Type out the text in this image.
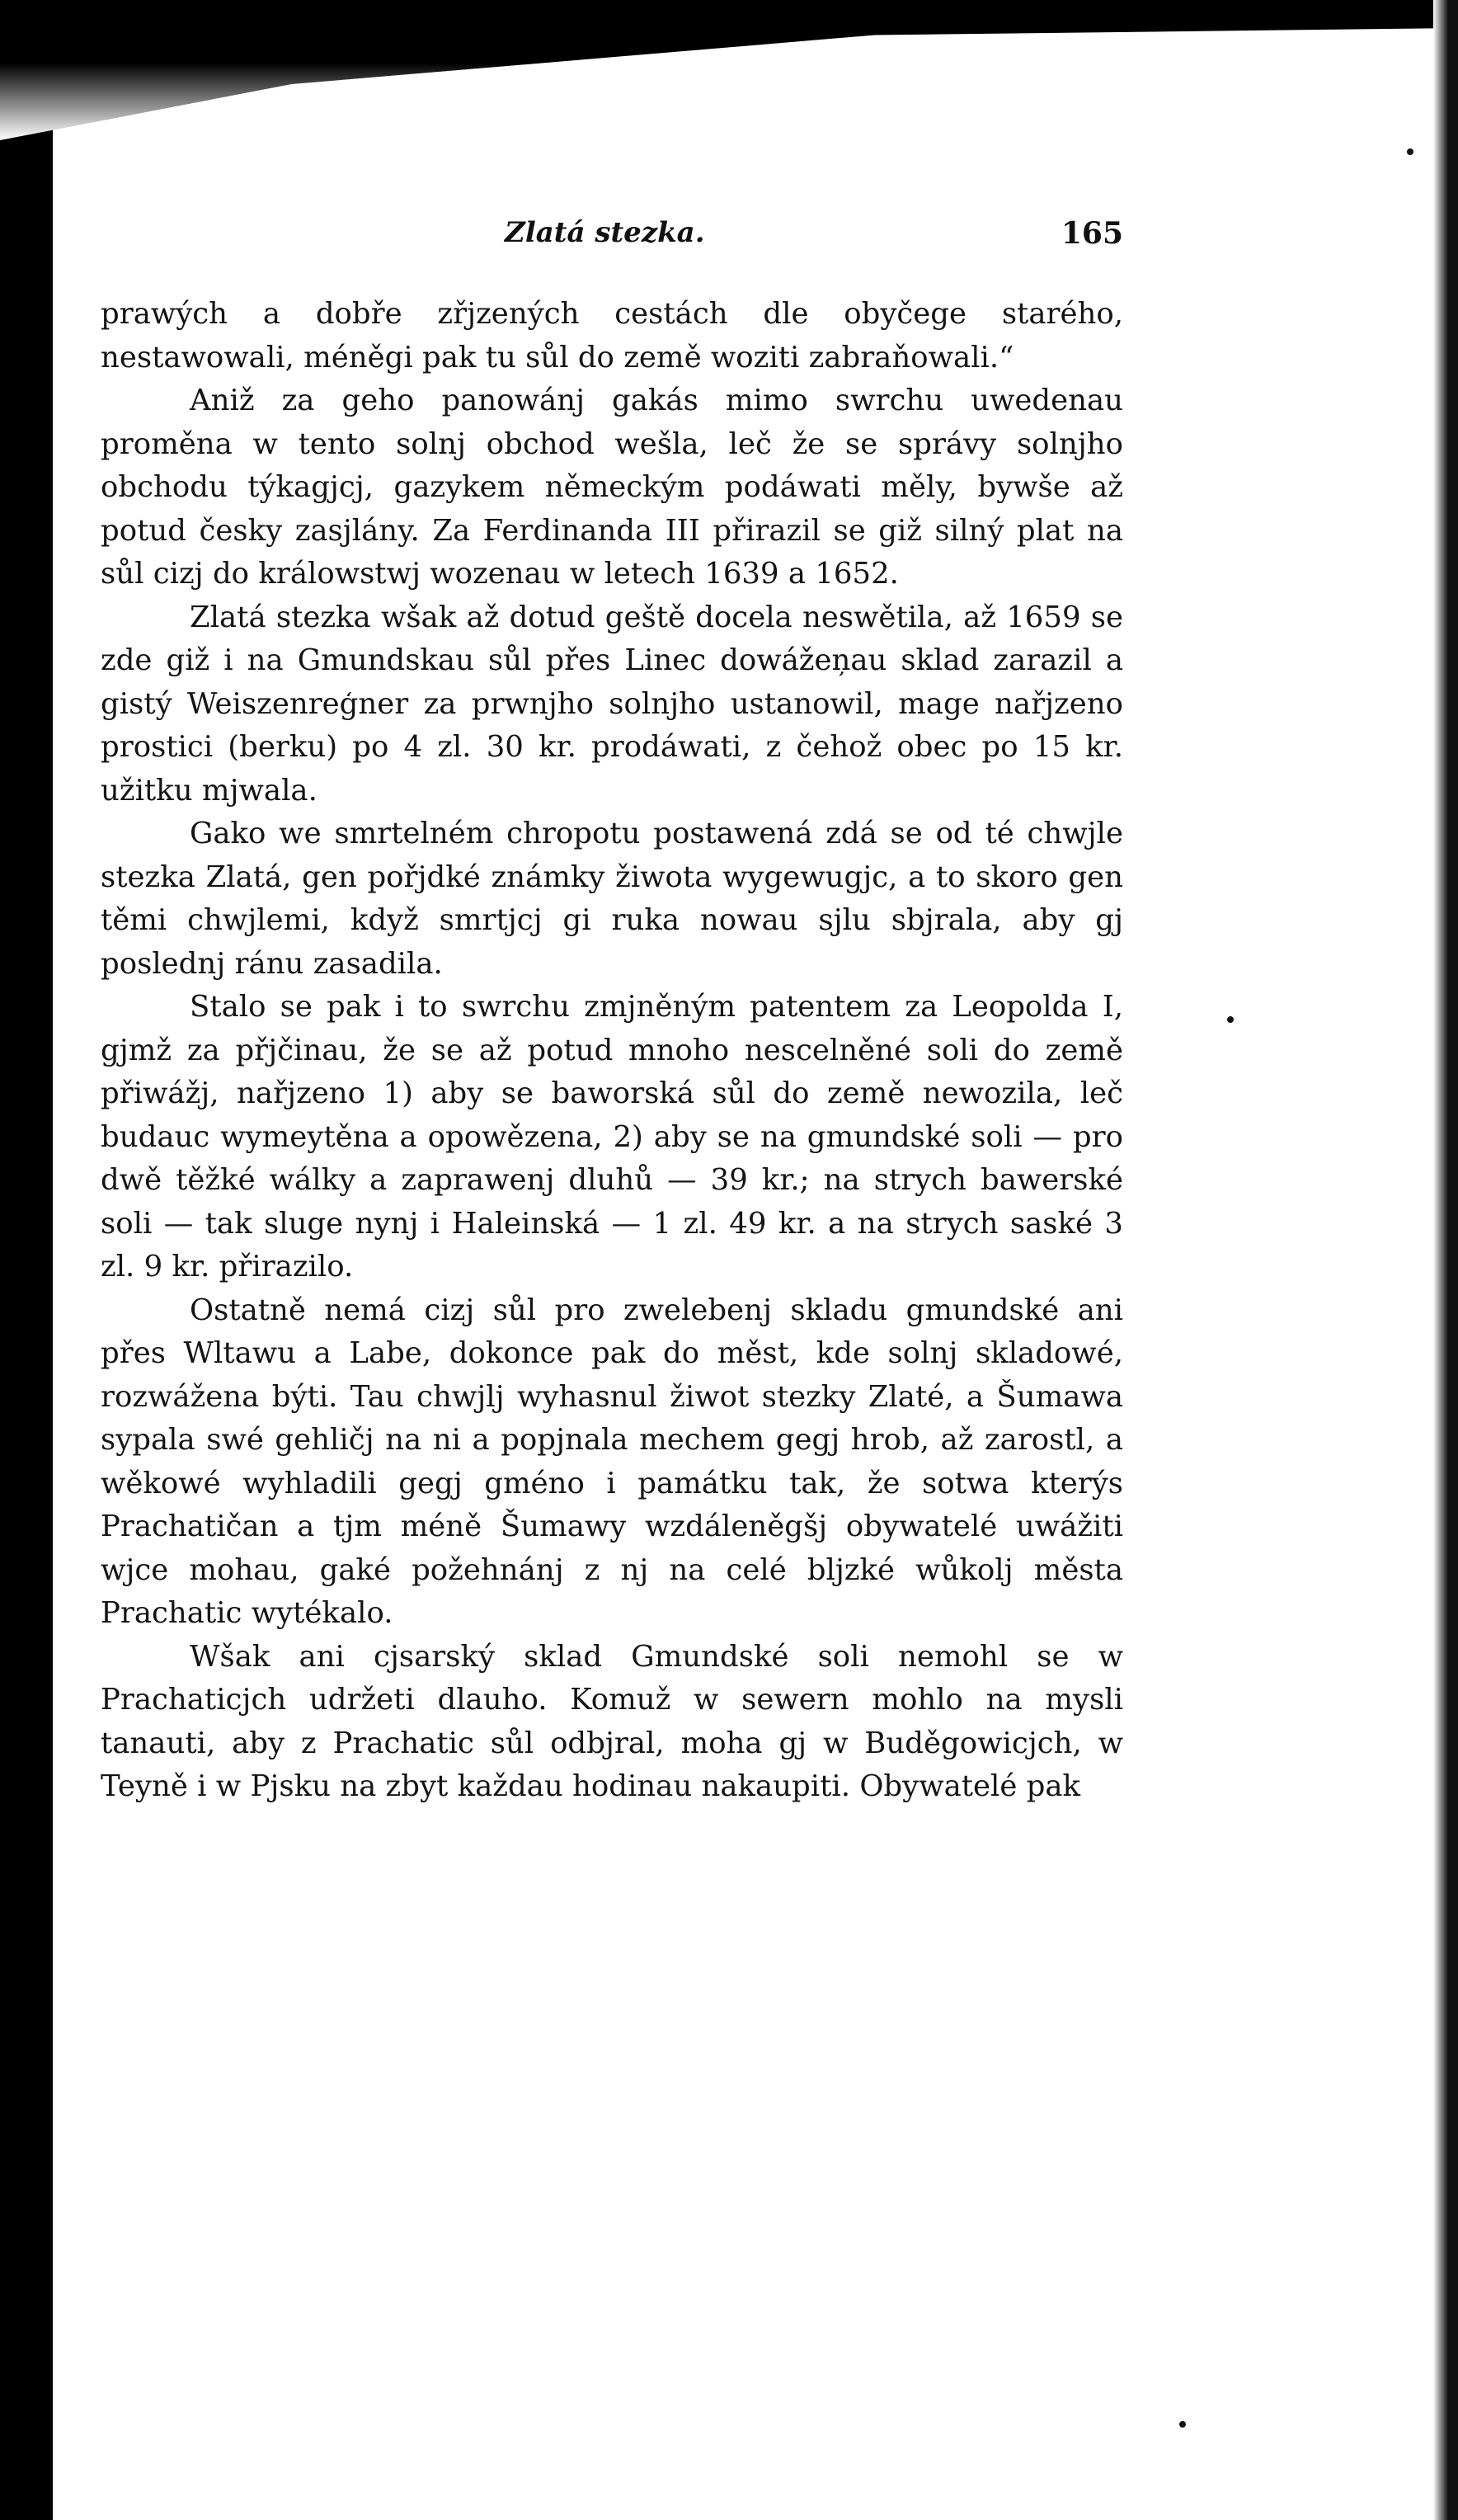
Zlatá stezka.	165

prawých a dobře zřjzených cestách dle obyčege starého, nestawowali, méněgi pak tu sůl do země woziti zabraňowali.“

Aniž za geho panowánj gakás mimo swrchu uwedenau proměna w tento solnj obchod wešla, leč že se správy solnjho obchodu týkagjcj, gazykem německým podáwati měly, bywše až potud česky zasjlány. Za Ferdinanda III přirazil se giž silný plat na sůl cizj do králowstwj wozenau w letech 1639 a 1652.

Zlatá stezka wšak až dotud geště docela neswětila, až 1659 se zde giž i na Gmundskau sůl přes Linec dowážeņau sklad zarazil a gistý Weiszenreģner za prwnjho solnjho ustanowil, mage nařjzeno prostici (berku) po 4 zl. 30 kr. prodáwati, z čehož obec po 15 kr. užitku mjwala.

Gako we smrtelném chropotu postawená zdá se od té chwjle stezka Zlatá, gen pořjdké známky žiwota wygewugjc, a to skoro gen těmi chwjlemi, když smrtjcj gi ruka nowau sjlu sbjrala, aby gj poslednj ránu zasadila.

Stalo se pak i to swrchu zmjněným patentem za Leopolda I, gjmž za přjčinau, že se až potud mnoho nescelněné soli do země přiwážj, nařjzeno 1) aby se baworská sůl do země newozila, leč budauc wymeytěna a opowězena, 2) aby se na gmundské soli — pro dwě těžké wálky a zaprawenj dluhů — 39 kr.; na strych bawerské soli — tak sluge nynj i Haleinská — 1 zl. 49 kr. a na strych saské 3 zl. 9 kr. přirazilo.

Ostatně nemá cizj sůl pro zwelebenj skladu gmundské ani přes Wltawu a Labe, dokonce pak do měst, kde solnj skladowé, rozwážena býti. Tau chwjlj wyhasnul žiwot stezky Zlaté, a Šumawa sypala swé gehličj na ni a popjnala mechem gegj hrob, až zarostl, a wěkowé wyhladili gegj gméno i památku tak, že sotwa kterýs Prachatičan a tjm méně Šumawy wzdáleněgšj obywatelé uwážiti wjce mohau, gaké požehnánj z nj na celé bljzké wůkolj města Prachatic wytékalo.

Wšak ani cjsarský sklad Gmundské soli nemohl se w Prachaticjch udržeti dlauho. Komuž w sewern mohlo na mysli tanauti, aby z Prachatic sůl odbjral, moha gj w Buděgowicjch, w Teyně i w Pjsku na zbyt každau hodinau nakaupiti. Obywatelé pak
